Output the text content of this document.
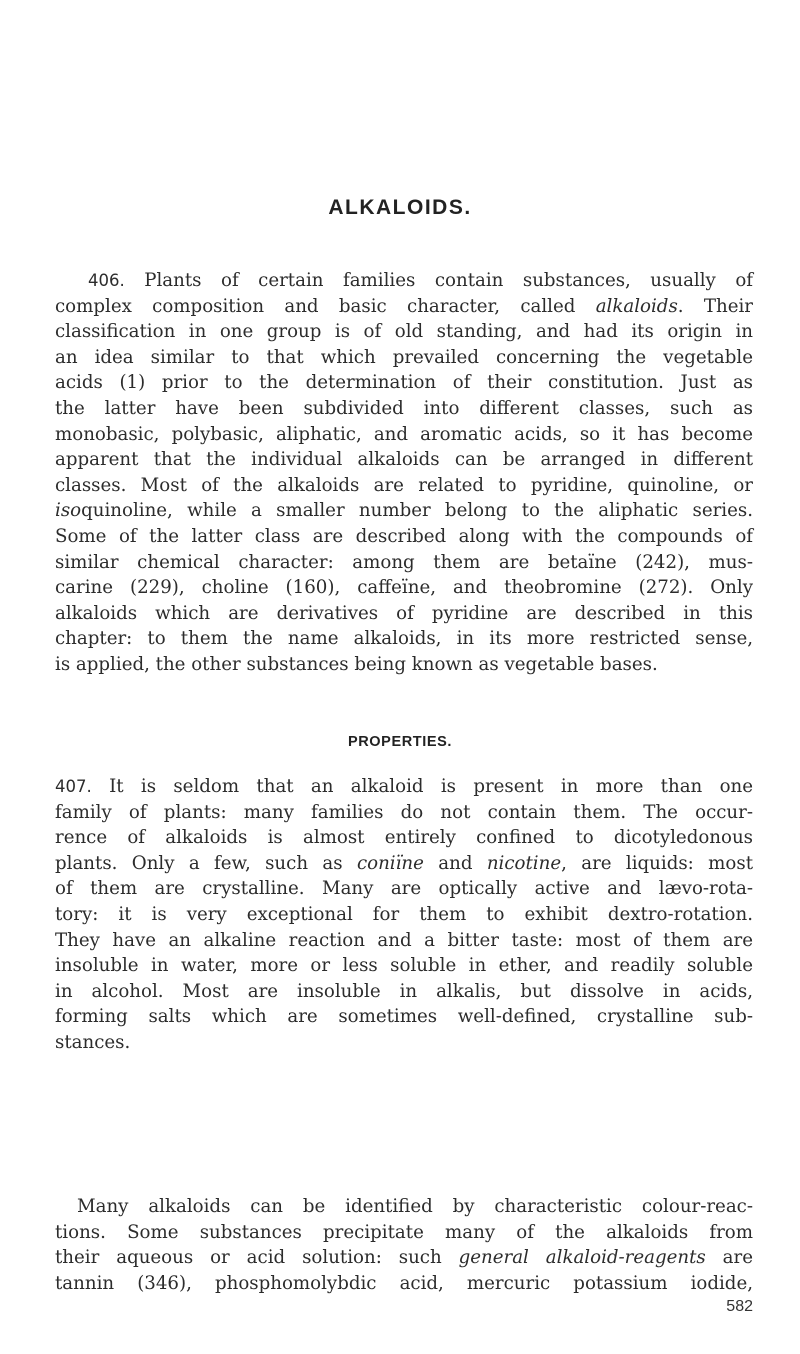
ALKALOIDS.
406. Plants of certain families contain substances, usually of
complex composition and basic character, called alkaloids. Their
classification in one group is of old standing, and had its origin in
an idea similar to that which prevailed concerning the vegetable
acids (1) prior to the determination of their constitution. Just as
the latter have been subdivided into different classes, such as
monobasic, polybasic, aliphatic, and aromatic acids, so it has become
apparent that the individual alkaloids can be arranged in different
classes. Most of the alkaloids are related to pyridine, quinoline, or
isoquinoline, while a smaller number belong to the aliphatic series.
Some of the latter class are described along with the compounds of
similar chemical character: among them are betaïne (242), mus-
carine (229), choline (160), caffeïne, and theobromine (272). Only
alkaloids which are derivatives of pyridine are described in this
chapter: to them the name alkaloids, in its more restricted sense,
is applied, the other substances being known as vegetable bases.
PROPERTIES.
407. It is seldom that an alkaloid is present in more than one
family of plants: many families do not contain them. The occur-
rence of alkaloids is almost entirely confined to dicotyledonous
plants. Only a few, such as coniïne and nicotine, are liquids: most
of them are crystalline. Many are optically active and lævo-rota-
tory: it is very exceptional for them to exhibit dextro-rotation.
They have an alkaline reaction and a bitter taste: most of them are
insoluble in water, more or less soluble in ether, and readily soluble
in alcohol. Most are insoluble in alkalis, but dissolve in acids,
forming salts which are sometimes well-defined, crystalline sub-
stances.
Many alkaloids can be identified by characteristic colour-reac-
tions. Some substances precipitate many of the alkaloids from
their aqueous or acid solution: such general alkaloid-reagents are
tannin (346), phosphomolybdic acid, mercuric potassium iodide,
582
